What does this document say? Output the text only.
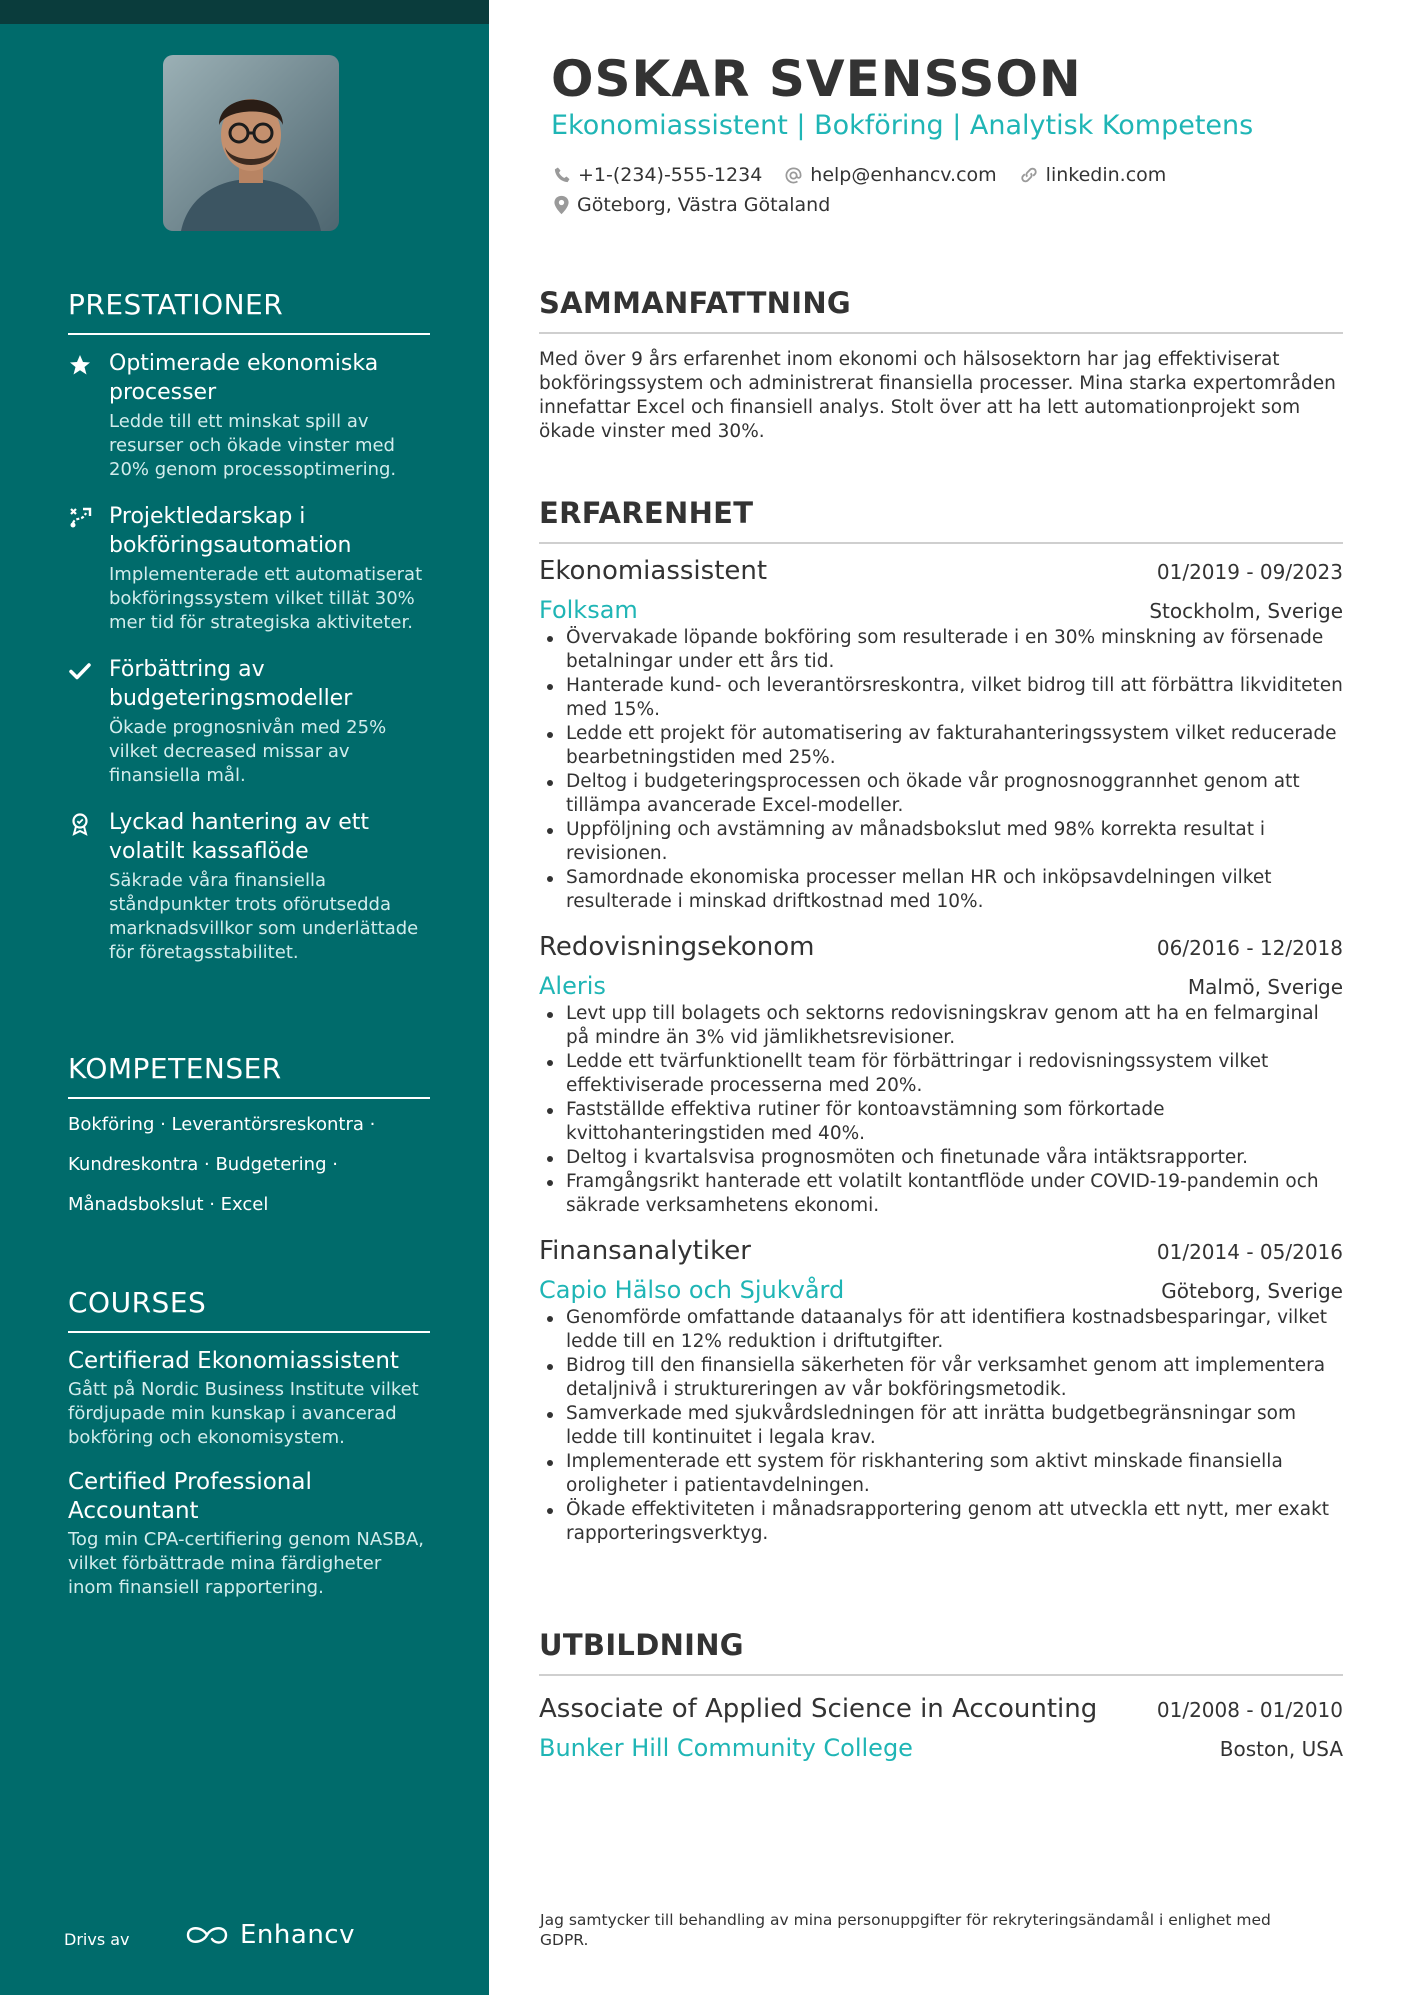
PRESTATIONER
Optimerade ekonomiska processer
Ledde till ett minskat spill av resurser och ökade vinster med 20% genom processoptimering.
Projektledarskap i bokföringsautomation
Implementerade ett automatiserat bokföringssystem vilket tillät 30% mer tid för strategiska aktiviteter.
Förbättring av budgeteringsmodeller
Ökade prognosnivån med 25% vilket decreased missar av finansiella mål.
Lyckad hantering av ett volatilt kassaflöde
Säkrade våra finansiella ståndpunkter trots oförutsedda marknadsvillkor som underlättade för företagsstabilitet.
KOMPETENSER
Bokföring · Leverantörsreskontra ·
Kundreskontra · Budgetering ·
Månadsbokslut · Excel
COURSES
Certifierad Ekonomiassistent
Gått på Nordic Business Institute vilket fördjupade min kunskap i avancerad bokföring och ekonomisystem.
Certified Professional Accountant
Tog min CPA-certifiering genom NASBA, vilket förbättrade mina färdigheter inom finansiell rapportering.
Drivs av	Enhancv
OSKAR SVENSSON
Ekonomiassistent | Bokföring | Analytisk Kompetens
+1-(234)-555-1234	help@enhancv.com	linkedin.com
Göteborg, Västra Götaland
SAMMANFATTNING

Med över 9 års erfarenhet inom ekonomi och hälsosektorn har jag effektiviserat bokföringssystem och administrerat finansiella processer. Mina starka expertområden innefattar Excel och finansiell analys. Stolt över att ha lett automationprojekt som ökade vinster med 30%.

ERFARENHET
Ekonomiassistent	01/2019 - 09/2023
Folksam	Stockholm, Sverige
Övervakade löpande bokföring som resulterade i en 30% minskning av försenade betalningar under ett års tid.
Hanterade kund- och leverantörsreskontra, vilket bidrog till att förbättra likviditeten med 15%.
Ledde ett projekt för automatisering av fakturahanteringssystem vilket reducerade bearbetningstiden med 25%.
Deltog i budgeteringsprocessen och ökade vår prognosnoggrannhet genom att tillämpa avancerade Excel-modeller.
Uppföljning och avstämning av månadsbokslut med 98% korrekta resultat i revisionen.
Samordnade ekonomiska processer mellan HR och inköpsavdelningen vilket resulterade i minskad driftkostnad med 10%.
Redovisningsekonom	06/2016 - 12/2018
Aleris	Malmö, Sverige
Levt upp till bolagets och sektorns redovisningskrav genom att ha en felmarginal på mindre än 3% vid jämlikhetsrevisioner.
Ledde ett tvärfunktionellt team för förbättringar i redovisningssystem vilket effektiviserade processerna med 20%.
Fastställde effektiva rutiner för kontoavstämning som förkortade kvittohanteringstiden med 40%.
Deltog i kvartalsvisa prognosmöten och finetunade våra intäktsrapporter.
Framgångsrikt hanterade ett volatilt kontantflöde under COVID-19-pandemin och säkrade verksamhetens ekonomi.
Finansanalytiker	01/2014 - 05/2016
Capio Hälso och Sjukvård	Göteborg, Sverige
Genomförde omfattande dataanalys för att identifiera kostnadsbesparingar, vilket ledde till en 12% reduktion i driftutgifter.
Bidrog till den finansiella säkerheten för vår verksamhet genom att implementera detaljnivå i struktureringen av vår bokföringsmetodik.
Samverkade med sjukvårdsledningen för att inrätta budgetbegränsningar som ledde till kontinuitet i legala krav.
Implementerade ett system för riskhantering som aktivt minskade finansiella oroligheter i patientavdelningen.
Ökade effektiviteten i månadsrapportering genom att utveckla ett nytt, mer exakt rapporteringsverktyg.
UTBILDNING
Associate of Applied Science in Accounting	01/2008 - 01/2010
Bunker Hill Community College	Boston, USA
Jag samtycker till behandling av mina personuppgifter för rekryteringsändamål i enlighet med GDPR.
